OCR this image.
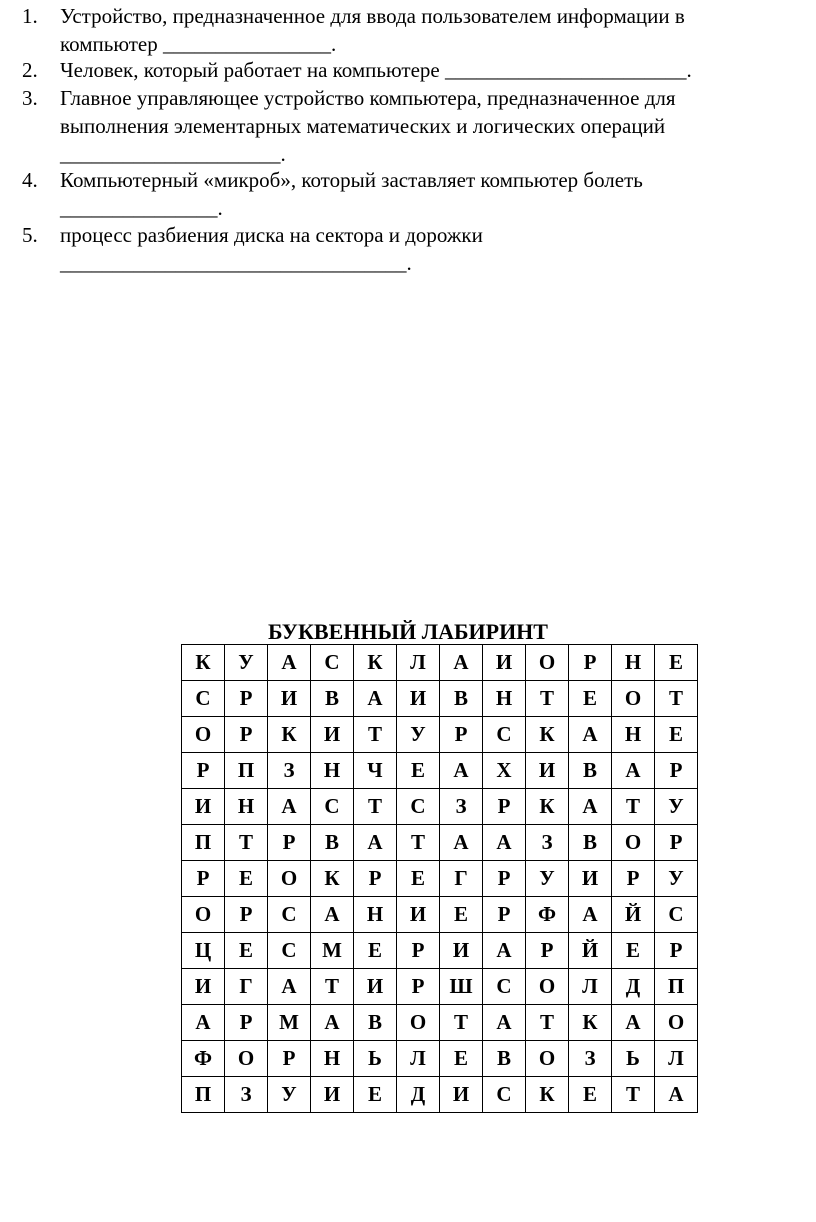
1.	Устройство, предназначенное для ввода пользователем информации в
компьютер ________________.
2.	Человек, который работает на компьютере _______________________.
3.	Главное управляющее устройство компьютера, предназначенное для
выполнения элементарных математических и логических операций
_____________________.
4.	Компьютерный «микроб», который заставляет компьютер болеть
_______________.
5.	процесс разбиения диска на сектора и дорожки
_________________________________.
БУКВЕННЫЙ ЛАБИРИНТ
К	У	А	С	К	Л	А	И	О	Р	Н	Е
С	Р	И	В	А	И	В	Н	Т	Е	О	Т
О	Р	К	И	Т	У	Р	С	К	А	Н	Е
Р	П	З	Н	Ч	Е	А	Х	И	В	А	Р
И	Н	А	С	Т	С	З	Р	К	А	Т	У
П	Т	Р	В	А	Т	А	А	З	В	О	Р
Р	Е	О	К	Р	Е	Г	Р	У	И	Р	У
О	Р	С	А	Н	И	Е	Р	Ф	А	Й	С
Ц	Е	С	М	Е	Р	И	А	Р	Й	Е	Р
И	Г	А	Т	И	Р	Ш	С	О	Л	Д	П
А	Р	М	А	В	О	Т	А	Т	К	А	О
Ф	О	Р	Н	Ь	Л	Е	В	О	З	Ь	Л
П	З	У	И	Е	Д	И	С	К	Е	Т	А
